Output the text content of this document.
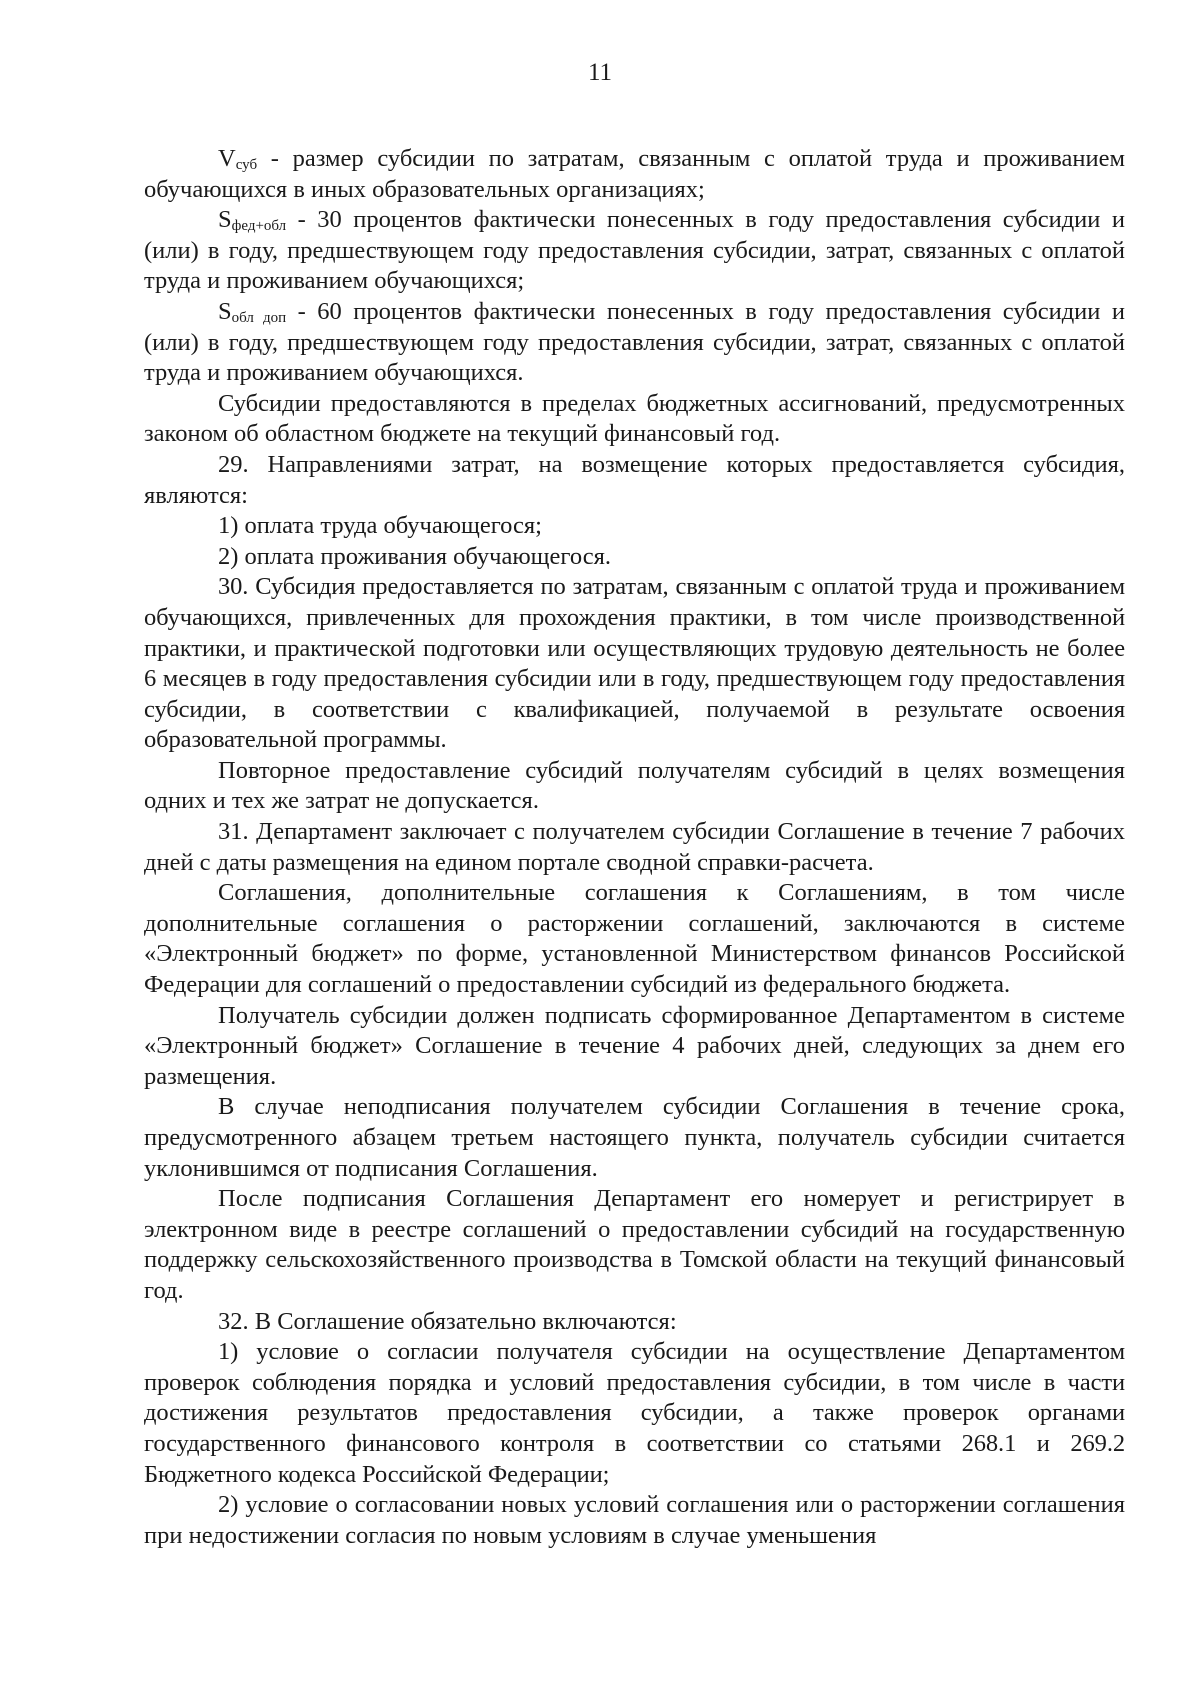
11

$V_{суб}$ - размер субсидии по затратам, связанным с оплатой труда и проживанием обучающихся в иных образовательных организациях;

$S_{фед+обл} - 30$ процентов фактически понесенных в году предоставления субсидии и (или) в году, предшествующем году предоставления субсидии, затрат, связанных с оплатой труда и проживанием обучающихся;

$S_{обл доп} - 60$ процентов фактически понесенных в году предоставления субсидии и (или) в году, предшествующем году предоставления субсидии, затрат, связанных с оплатой труда и проживанием обучающихся.

Субсидии предоставляются в пределах бюджетных ассигнований, предусмотренных законом об областном бюджете на текущий финансовый год.

29. Направлениями затрат, на возмещение которых предоставляется субсидия, являются:

1) оплата труда обучающегося;

2) оплата проживания обучающегося.

30. Субсидия предоставляется по затратам, связанным с оплатой труда и проживанием обучающихся, привлеченных для прохождения практики, в том числе производственной практики, и практической подготовки или осуществляющих трудовую деятельность не более 6 месяцев в году предоставления субсидии или в году, предшествующем году предоставления субсидии, в соответствии с квалификацией, получаемой в результате освоения образовательной программы.

Повторное предоставление субсидий получателям субсидий в целях возмещения одних и тех же затрат не допускается.

31. Департамент заключает с получателем субсидии Соглашение в течение 7 рабочих дней с даты размещения на едином портале сводной справки-расчета.

Соглашения, дополнительные соглашения к Соглашениям, в том числе дополнительные соглашения о расторжении соглашений, заключаются в системе «Электронный бюджет» по форме, установленной Министерством финансов Российской Федерации для соглашений о предоставлении субсидий из федерального бюджета.

Получатель субсидии должен подписать сформированное Департаментом в системе «Электронный бюджет» Соглашение в течение 4 рабочих дней, следующих за днем его размещения.

В случае неподписания получателем субсидии Соглашения в течение срока, предусмотренного абзацем третьем настоящего пункта, получатель субсидии считается уклонившимся от подписания Соглашения.

После подписания Соглашения Департамент его номерует и регистрирует в электронном виде в реестре соглашений о предоставлении субсидий на государственную поддержку сельскохозяйственного производства в Томской области на текущий финансовый год.

32. В Соглашение обязательно включаются:

1) условие о согласии получателя субсидии на осуществление Департаментом проверок соблюдения порядка и условий предоставления субсидии, в том числе в части достижения результатов предоставления субсидии, а также проверок органами государственного финансового контроля в соответствии со статьями 268.1 и 269.2 Бюджетного кодекса Российской Федерации;

2) условие о согласовании новых условий соглашения или о расторжении соглашения при недостижении согласия по новым условиям в случае уменьшения
